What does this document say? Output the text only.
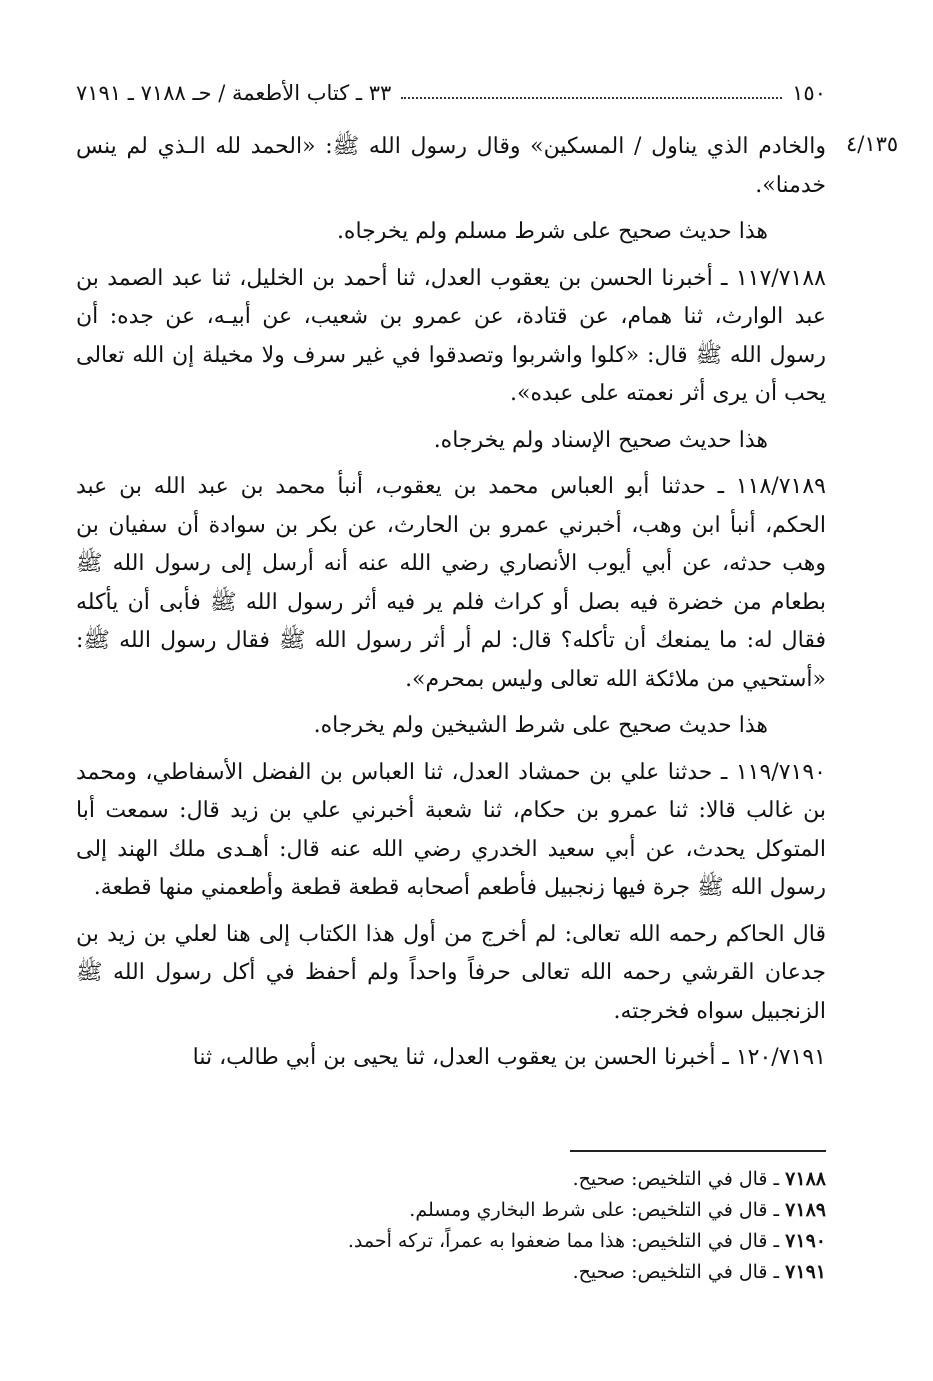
١٥٠
٣٣ ـ كتاب الأطعمة / حـ ٧١٨٨ ـ ٧١٩١
٤/١٣٥

والخادم الذي يناول / المسكين» وقال رسول الله ﷺ: «الحمد لله الـذي لم ينس خدمنا».

هذا حديث صحيح على شرط مسلم ولم يخرجاه.

١١٧/٧١٨٨ ـ أخبرنا الحسن بن يعقوب العدل، ثنا أحمد بن الخليل، ثنا عبد الصمد بن عبد الوارث، ثنا همام، عن قتادة، عن عمرو بن شعيب، عن أبيـه، عن جده: أن رسول الله ﷺ قال: «كلوا واشربوا وتصدقوا في غير سرف ولا مخيلة إن الله تعالى يحب أن يرى أثر نعمته على عبده».

هذا حديث صحيح الإسناد ولم يخرجاه.

١١٨/٧١٨٩ ـ حدثنا أبو العباس محمد بن يعقوب، أنبأ محمد بن عبد الله بن عبد الحكم، أنبأ ابن وهب، أخبرني عمرو بن الحارث، عن بكر بن سوادة أن سفيان بن وهب حدثه، عن أبي أيوب الأنصاري رضي الله عنه أنه أرسل إلى رسول الله ﷺ بطعام من خضرة فيه بصل أو كراث فلم ير فيه أثر رسول الله ﷺ فأبى أن يأكله فقال له: ما يمنعك أن تأكله؟ قال: لم أر أثر رسول الله ﷺ فقال رسول الله ﷺ: «أستحيي من ملائكة الله تعالى وليس بمحرم».

هذا حديث صحيح على شرط الشيخين ولم يخرجاه.

١١٩/٧١٩٠ ـ حدثنا علي بن حمشاد العدل، ثنا العباس بن الفضل الأسفاطي، ومحمد بن غالب قالا: ثنا عمرو بن حكام، ثنا شعبة أخبرني علي بن زيد قال: سمعت أبا المتوكل يحدث، عن أبي سعيد الخدري رضي الله عنه قال: أهـدى ملك الهند إلى رسول الله ﷺ جرة فيها زنجبيل فأطعم أصحابه قطعة قطعة وأطعمني منها قطعة.

قال الحاكم رحمه الله تعالى: لم أخرج من أول هذا الكتاب إلى هنا لعلي بن زيد بن جدعان القرشي رحمه الله تعالى حرفاً واحداً ولم أحفظ في أكل رسول الله ﷺ الزنجبيل سواه فخرجته.

١٢٠/٧١٩١ ـ أخبرنا الحسن بن يعقوب العدل، ثنا يحيى بن أبي طالب، ثنا

٧١٨٨ ـ قال في التلخيص: صحيح.
٧١٨٩ ـ قال في التلخيص: على شرط البخاري ومسلم.
٧١٩٠ ـ قال في التلخيص: هذا مما ضعفوا به عمراً، تركه أحمد.
٧١٩١ ـ قال في التلخيص: صحيح.
